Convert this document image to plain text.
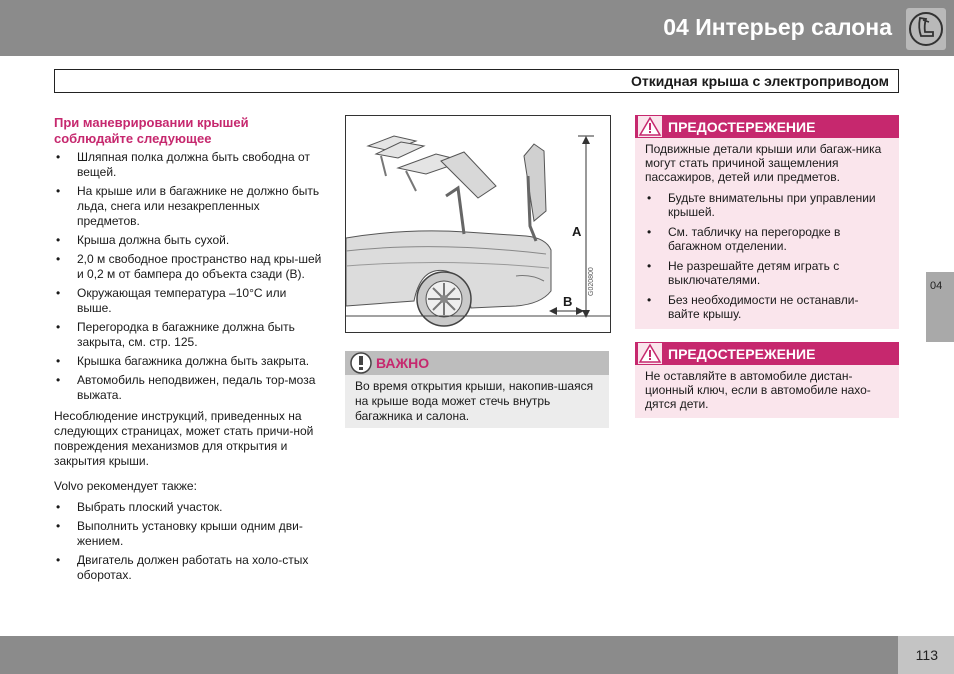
04 Интерьер салона
Откидная крыша с электроприводом
При маневрировании крышей соблюдайте следующее
• Шляпная полка должна быть свободна от вещей.
• На крыше или в багажнике не должно быть льда, снега или незакрепленных предметов.
• Крыша должна быть сухой.
• 2,0 м свободное пространство над кры-шей и 0,2 м от бампера до объекта сзади (B).
• Окружающая температура –10°C или выше.
• Перегородка в багажнике должна быть закрыта, см. стр. 125.
• Крышка багажника должна быть закрыта.
• Автомобиль неподвижен, педаль тор-моза выжата.
Несоблюдение инструкций, приведенных на следующих страницах, может стать причи-ной повреждения механизмов для открытия и закрытия крыши.
Volvo рекомендует также:
• Выбрать плоский участок.
• Выполнить установку крыши одним дви-жением.
• Двигатель должен работать на холо-стых оборотах.
A
B
G020800
ВАЖНО
Во время открытия крыши, накопив-шаяся на крыше вода может стечь внутрь багажника и салона.
ПРЕДОСТЕРЕЖЕНИЕ
Подвижные детали крыши или багаж-ника могут стать причиной защемления пассажиров, детей или предметов.
• Будьте внимательны при управлении крышей.
• См. табличку на перегородке в багажном отделении.
• Не разрешайте детям играть с выключателями.
• Без необходимости не останавли-вайте крышу.
ПРЕДОСТЕРЕЖЕНИЕ
Не оставляйте в автомобиле дистан-ционный ключ, если в автомобиле нахо-дятся дети.
04
113
